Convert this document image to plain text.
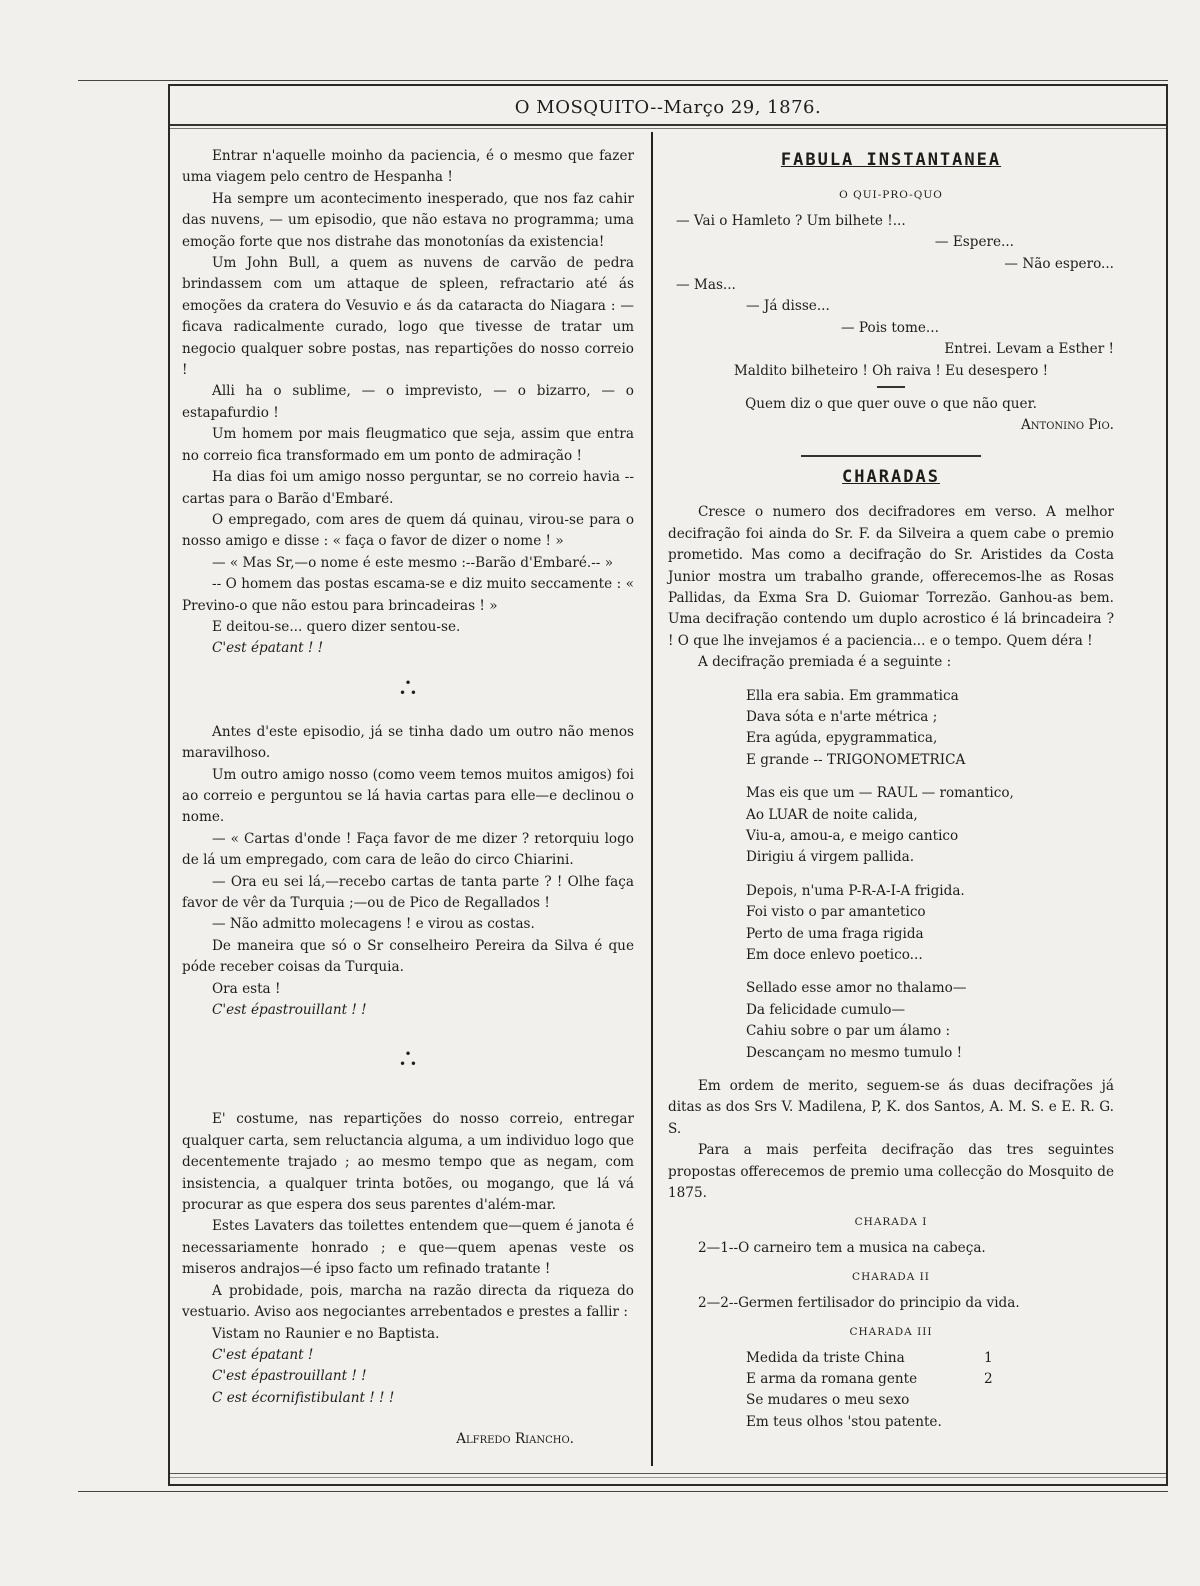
O MOSQUITO--Março 29, 1876.

Entrar n'aquelle moinho da paciencia, é o mesmo que fazer uma viagem pelo centro de Hespanha !

Ha sempre um acontecimento inesperado, que nos faz cahir das nuvens, — um episodio, que não estava no programma; uma emoção forte que nos distrahe das monotonías da existencia!

Um John Bull, a quem as nuvens de carvão de pedra brindassem com um attaque de spleen, refractario até ás emoções da cratera do Vesuvio e ás da cataracta do Niagara : — ficava radicalmente curado, logo que tivesse de tratar um negocio qualquer sobre postas, nas repartições do nosso correio !

Alli ha o sublime, — o imprevisto, — o bizarro, — o estapafurdio !

Um homem por mais fleugmatico que seja, assim que entra no correio fica transformado em um ponto de admiração !

Ha dias foi um amigo nosso perguntar, se no correio havia --cartas para o Barão d'Embaré.

O empregado, com ares de quem dá quinau, virou-se para o nosso amigo e disse : « faça o favor de dizer o nome ! »

— « Mas Sr,—o nome é este mesmo :--Barão d'Embaré.-- »

-- O homem das postas escama-se e diz muito seccamente : « Previno-o que não estou para brincadeiras ! »

E deitou-se... quero dizer sentou-se.

C'est épatant ! !

•
• •

Antes d'este episodio, já se tinha dado um outro não menos maravilhoso.

Um outro amigo nosso (como veem temos muitos amigos) foi ao correio e perguntou se lá havia cartas para elle—e declinou o nome.

— « Cartas d'onde ! Faça favor de me dizer ? retorquiu logo de lá um empregado, com cara de leão do circo Chiarini.

— Ora eu sei lá,—recebo cartas de tanta parte ? ! Olhe faça favor de vêr da Turquia ;—ou de Pico de Regallados !

— Não admitto molecagens ! e virou as costas.

De maneira que só o Sr conselheiro Pereira da Silva é que póde receber coisas da Turquia.

Ora esta !

C'est épastrouillant ! !

•
• •

E' costume, nas repartições do nosso correio, entregar qualquer carta, sem reluctancia alguma, a um individuo logo que decentemente trajado ; ao mesmo tempo que as negam, com insistencia, a qualquer trinta botões, ou mogango, que lá vá procurar as que espera dos seus parentes d'além-mar.

Estes Lavaters das toilettes entendem que—quem é janota é necessariamente honrado ; e que—quem apenas veste os miseros andrajos—é ipso facto um refinado tratante !

A probidade, pois, marcha na razão directa da riqueza do vestuario. Aviso aos negociantes arrebentados e prestes a fallir :

Vistam no Raunier e no Baptista.

C'est épatant !

C'est épastrouillant ! !

C est écornifistibulant ! ! !

Alfredo Riancho.

FABULA INSTANTANEA
O QUI-PRO-QUO
— Vai o Hamleto ? Um bilhete !...
— Espere...
— Não espero...
— Mas...
— Já disse...
— Pois tome...
Entrei. Levam a Esther !
Maldito bilheteiro ! Oh raiva ! Eu desespero !

Quem diz o que quer ouve o que não quer.

Antonino Pio.

CHARADAS

Cresce o numero dos decifradores em verso. A melhor decifração foi ainda do Sr. F. da Silveira a quem cabe o premio prometido. Mas como a decifração do Sr. Aristides da Costa Junior mostra um trabalho grande, offerecemos-lhe as Rosas Pallidas, da Exma Sra D. Guiomar Torrezão. Ganhou-as bem. Uma decifração contendo um duplo acrostico é lá brincadeira ? ! O que lhe invejamos é a paciencia... e o tempo. Quem déra !

A decifração premiada é a seguinte :

Ella era sabia. Em grammatica
Dava sóta e n'arte métrica ;
Era agúda, epygrammatica,
E grande -- TRIGONOMETRICA
Mas eis que um — RAUL — romantico,
Ao LUAR de noite calida,
Viu-a, amou-a, e meigo cantico
Dirigiu á virgem pallida.
Depois, n'uma P-R-A-I-A frigida.
Foi visto o par amantetico
Perto de uma fraga rigida
Em doce enlevo poetico...
Sellado esse amor no thalamo—
Da felicidade cumulo—
Cahiu sobre o par um álamo :
Descançam no mesmo tumulo !

Em ordem de merito, seguem-se ás duas decifrações já ditas as dos Srs V. Madilena, P, K. dos Santos, A. M. S. e E. R. G. S.

Para a mais perfeita decifração das tres seguintes propostas offerecemos de premio uma collecção do Mosquito de 1875.

CHARADA I

2—1--O carneiro tem a musica na cabeça.

CHARADA II

2—2--Germen fertilisador do principio da vida.

CHARADA III
Medida da triste China	1
E arma da romana gente	2
Se mudares o meu sexo
Em teus olhos 'stou patente.
